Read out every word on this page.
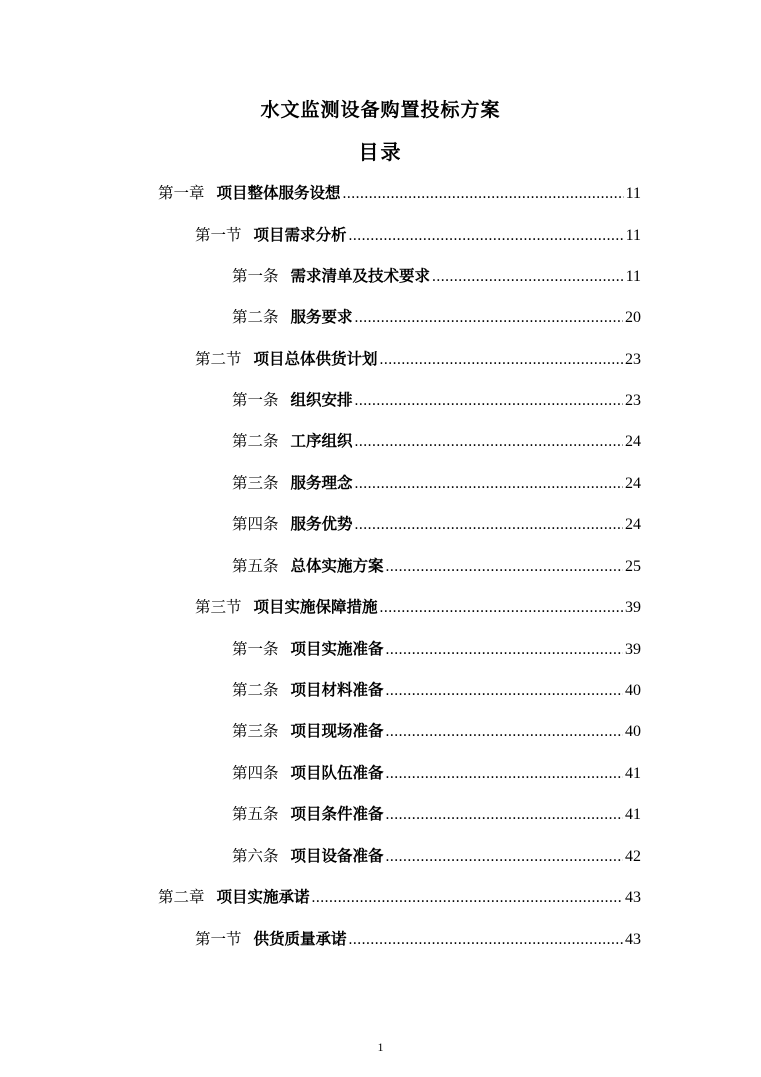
水文监测设备购置投标方案
目录
第一章 项目整体服务设想 .....	11
第一节 项目需求分析 .....	11
第一条 需求清单及技术要求 .....	11
第二条 服务要求 .....	20
第二节 项目总体供货计划 .....	23
第一条 组织安排 .....	23
第二条 工序组织 .....	24
第三条 服务理念 .....	24
第四条 服务优势 .....	24
第五条 总体实施方案 .....	25
第三节 项目实施保障措施 .....	39
第一条 项目实施准备 .....	39
第二条 项目材料准备 .....	40
第三条 项目现场准备 .....	40
第四条 项目队伍准备 .....	41
第五条 项目条件准备 .....	41
第六条 项目设备准备 .....	42
第二章 项目实施承诺 .....	43
第一节 供货质量承诺 .....	43
1
